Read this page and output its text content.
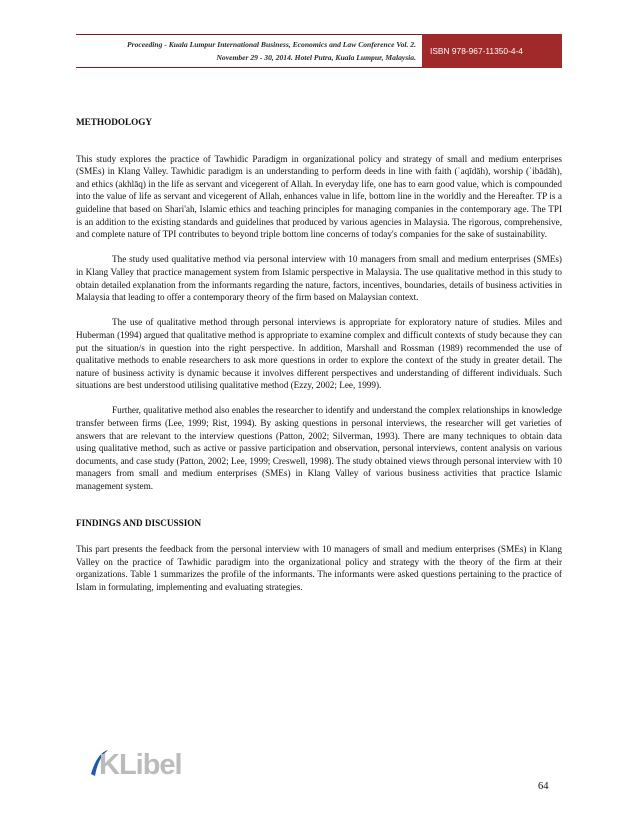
Proceeding - Kuala Lumpur International Business, Economics and Law Conference Vol. 2.
November 29 - 30, 2014. Hotel Putra, Kuala Lumpur, Malaysia.
ISBN 978-967-11350-4-4
METHODOLOGY

This study explores the practice of Tawhidic Paradigm in organizational policy and strategy of small and medium enterprises (SMEs) in Klang Valley. Tawhidic paradigm is an understanding to perform deeds in line with faith (ʿaqīdāh), worship (ʿibādāh), and ethics (akhlāq) in the life as servant and vicegerent of Allah. In everyday life, one has to earn good value, which is compounded into the value of life as servant and vicegerent of Allah, enhances value in life, bottom line in the worldly and the Hereafter. TP is a guideline that based on Shari'ah, Islamic ethics and teaching principles for managing companies in the contemporary age. The TPI is an addition to the existing standards and guidelines that produced by various agencies in Malaysia. The rigorous, comprehensive, and complete nature of TPI contributes to beyond triple bottom line concerns of today's companies for the sake of sustainability.

The study used qualitative method via personal interview with 10 managers from small and medium enterprises (SMEs) in Klang Valley that practice management system from Islamic perspective in Malaysia. The use qualitative method in this study to obtain detailed explanation from the informants regarding the nature, factors, incentives, boundaries, details of business activities in Malaysia that leading to offer a contemporary theory of the firm based on Malaysian context.

The use of qualitative method through personal interviews is appropriate for exploratory nature of studies. Miles and Huberman (1994) argued that qualitative method is appropriate to examine complex and difficult contexts of study because they can put the situation/s in question into the right perspective. In addition, Marshall and Rossman (1989) recommended the use of qualitative methods to enable researchers to ask more questions in order to explore the context of the study in greater detail. The nature of business activity is dynamic because it involves different perspectives and understanding of different individuals. Such situations are best understood utilising qualitative method (Ezzy, 2002; Lee, 1999).

Further, qualitative method also enables the researcher to identify and understand the complex relationships in knowledge transfer between firms (Lee, 1999; Rist, 1994). By asking questions in personal interviews, the researcher will get varieties of answers that are relevant to the interview questions (Patton, 2002; Silverman, 1993). There are many techniques to obtain data using qualitative method, such as active or passive participation and observation, personal interviews, content analysis on various documents, and case study (Patton, 2002; Lee, 1999; Creswell, 1998). The study obtained views through personal interview with 10 managers from small and medium enterprises (SMEs) in Klang Valley of various business activities that practice Islamic management system.

FINDINGS AND DISCUSSION

This part presents the feedback from the personal interview with 10 managers of small and medium enterprises (SMEs) in Klang Valley on the practice of Tawhidic paradigm into the organizational policy and strategy with the theory of the firm at their organizations. Table 1 summarizes the profile of the informants. The informants were asked questions pertaining to the practice of Islam in formulating, implementing and evaluating strategies.

KLibel
64
